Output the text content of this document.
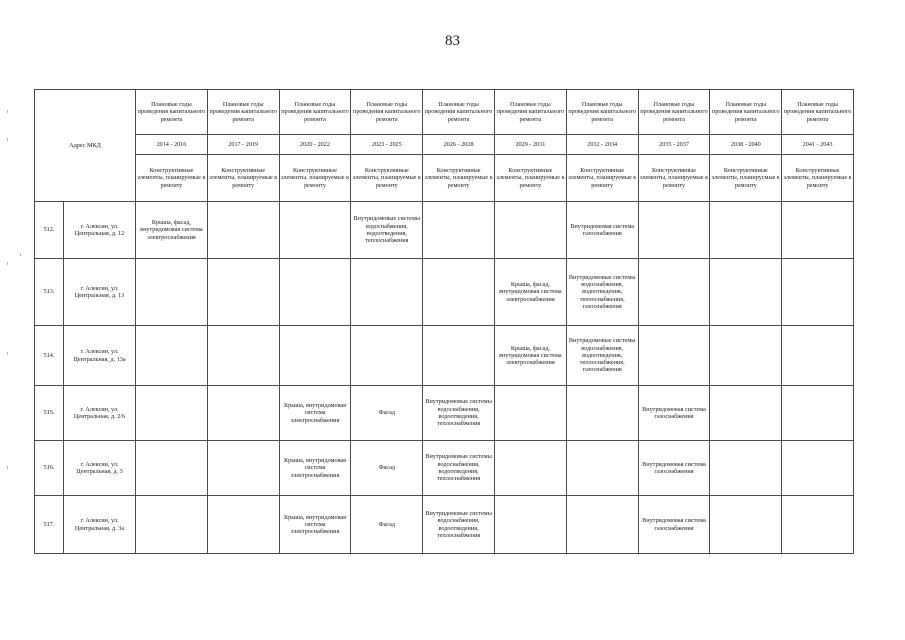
83
Адрес МКД		Плановые годы проведения капитального ремонта	Плановые годы проведения капитального ремонта	Плановые годы проведения капитального ремонта	Плановые годы проведения капитального ремонта	Плановые годы проведения капитального ремонта	Плановые годы проведения капитального ремонта	Плановые годы проведения капитального ремонта	Плановые годы проведения капитального ремонта	Плановые годы проведения капитального ремонта	Плановые годы проведения капитального ремонта
		2014 - 2016	2017 - 2019	2020 - 2022	2023 - 2025	2026 - 2028	2029 - 2031	2032 - 2034	2035 - 2037	2038 - 2040	2041 - 2043
		Конструктивные элементы, планируемые к ремонту	Конструктивные элементы, планируемые к ремонту	Конструктивные элементы, планируемые к ремонту	Конструктивные элементы, планируемые к ремонту	Конструктивные элементы, планируемые к ремонту	Конструктивные элементы, планируемые к ремонту	Конструктивные элементы, планируемые к ремонту	Конструктивные элементы, планируемые к ремонту	Конструктивные элементы, планирусмые к ремонту	Конструктивные элементы, планируемые к ремонту
512.	г. Алексин, ул. Центральная, д. 12	Крыша, фасад, внутридомовая система электроснабжения			Внутридомовые системы водоснабжения, водоотведения, теплоснабжения			Внутридомовая система газоснабжения			
513.	г. Алексин, ул. Центральная, д. 13						Крыша, фасад, внутридомовая система электроснабжения	Внутридомовые системы водоснабжения, водоотведения, теплоснабжения, газоснабжения			
514.	г. Алексин, ул. Центральная, д. 13а						Крыша, фасад, внутридомовая система электроснабжения	Внутридомовые системы водоснабжения, водоотведения, теплоснабжения, газоснабжения			
515.	г. Алексин, ул. Центральная, д. 2/6			Крыша, внутридомовая система электроснабжения	Фасад	Внутридомовые системы водоснабжения, водоотведения, теплоснабжения			Внутридомовая система газоснабжения		
516.	г. Алексин, ул. Центральная, д. 3			Крыша, внутридомовая система электроснабжения	Фасад	Внутридомовые системы водоснабжения, водоотведения, теплоснабжения			Внутридомовая система газоснабжения		
517.	г. Алексин, ул. Центральная, д. 3а			Крыша, внутридомовая система электроснабжения	Фасад	Внутридомовые системы водоснабжения, водоотведения, теплоснабжения			Внутридомовая система газоснабжения		
